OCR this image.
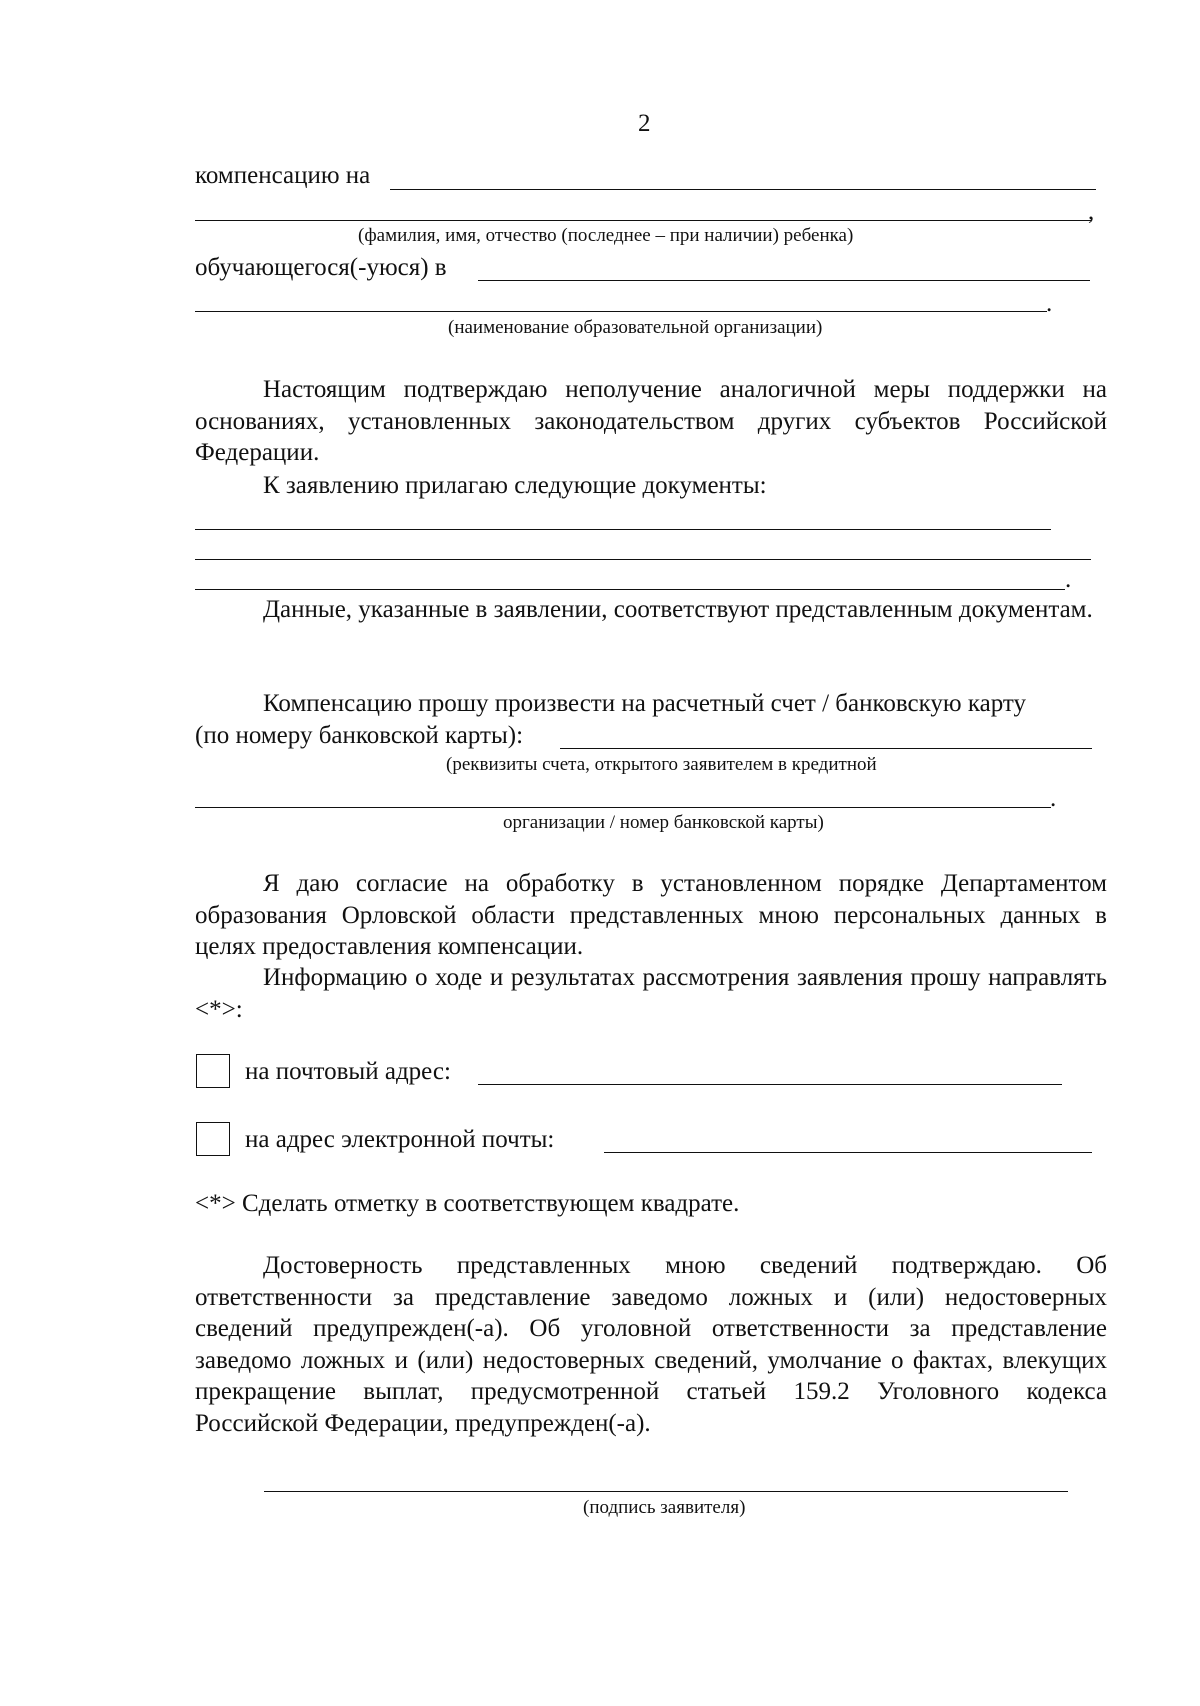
2
компенсацию на
,
(фамилия, имя, отчество (последнее – при наличии) ребенка)
обучающегося(-уюся) в
.
(наименование образовательной организации)

Настоящим подтверждаю неполучение аналогичной меры поддержки на основаниях, установленных законодательством других субъектов Российской Федерации.

К заявлению прилагаю следующие документы:
.

Данные, указанные в заявлении, соответствуют представленным документам.

Компенсацию прошу произвести на расчетный счет / банковскую карту
(по номеру банковской карты):
(реквизиты счета, открытого заявителем в кредитной
.
организации / номер банковской карты)

Я даю согласие на обработку в установленном порядке Департаментом образования Орловской области представленных мною персональных данных в целях предоставления компенсации.

Информацию о ходе и результатах рассмотрения заявления прошу направлять <*>:

на почтовый адрес:
на адрес электронной почты:
<*> Сделать отметку в соответствующем квадрате.

Достоверность представленных мною сведений подтверждаю. Об ответственности за представление заведомо ложных и (или) недостоверных сведений предупрежден(-а). Об уголовной ответственности за представление заведомо ложных и (или) недостоверных сведений, умолчание о фактах, влекущих прекращение выплат, предусмотренной статьей 159.2 Уголовного кодекса Российской Федерации, предупрежден(-а).

(подпись заявителя)
